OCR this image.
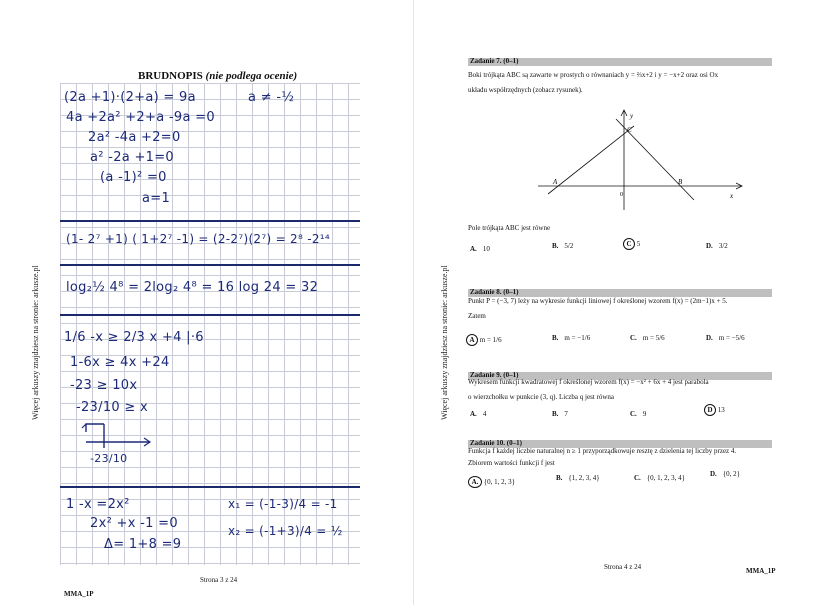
Więcej arkuszy znajdziesz na stronie: arkusze.pl
BRUDNOPIS (nie podlega ocenie)
(2a +1)·(2+a) = 9a	a ≠ -½
4a +2a² +2+a -9a =0
2a² -4a +2=0
a² -2a +1=0
(a -1)² =0
a=1
(1- 2⁷ +1) ( 1+2⁷ -1) = (2-2⁷)(2⁷) = 2⁸ -2¹⁴
log₂½ 4⁸ = 2log₂ 4⁸ = 16 log 24 = 32
1/6 -x ≥ 2/3 x +4 |·6
1-6x ≥ 4x +24
-23 ≥ 10x
-23/10 ≥ x
-23/10
1 -x =2x²
2x² +x -1 =0
Δ= 1+8 =9
x₁ = (-1-3)/4 = -1
x₂ = (-1+3)/4 = ½
Strona 3 z 24
MMA_1P
Więcej arkuszy znajdziesz na stronie: arkusze.pl
Zadanie 7. (0–1)
Boki trójkąta ABC są zawarte w prostych o równaniach y = ⅔x+2 i y = −x+2 oraz osi Ox
układu współrzędnych (zobacz rysunek).
A	B
C
0	x
y
Pole trójkąta ABC jest równe
A. 10	B. 5/2	C 5	D. 3/2
Zadanie 8. (0–1)
Punkt P = (−3, 7) leży na wykresie funkcji liniowej f określonej wzorem f(x) = (2m−1)x + 5.
Zatem
A m = 1/6	B. m = −1/6	C. m = 5/6	D. m = −5/6
Zadanie 9. (0–1)
Wykresem funkcji kwadratowej f określonej wzorem f(x) = −x² + 6x + 4 jest parabola
o wierzchołku w punkcie (3, q). Liczba q jest równa
A. 4	B. 7	C. 9	D 13
Zadanie 10. (0–1)
Funkcja f każdej liczbie naturalnej n ≥ 1 przyporządkowuje resztę z dzielenia tej liczby przez 4.
Zbiorem wartości funkcji f jest
A. {0, 1, 2, 3}	B. {1, 2, 3, 4}	C. {0, 1, 2, 3, 4}	D. {0, 2}
Strona 4 z 24	MMA_1P
